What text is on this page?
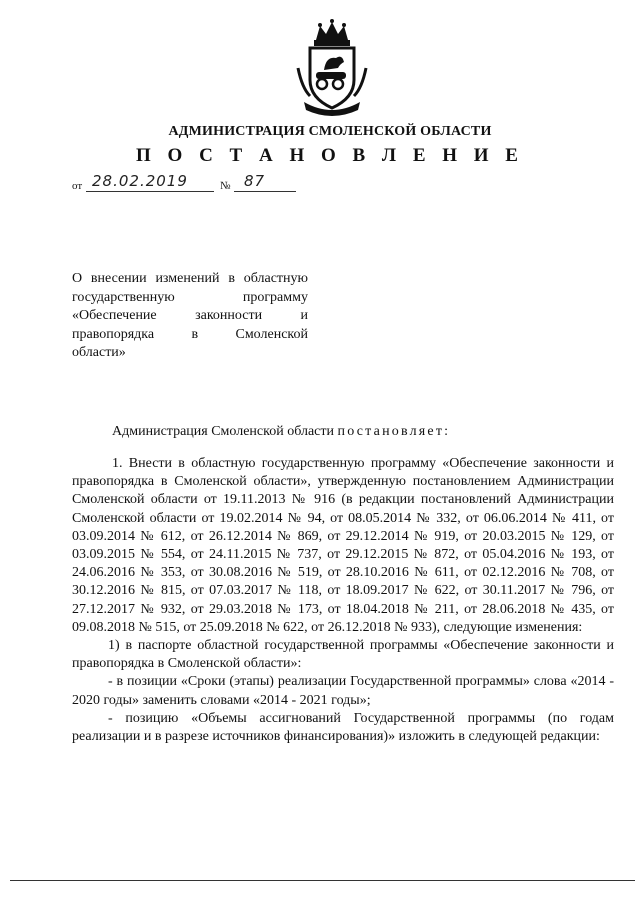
АДМИНИСТРАЦИЯ СМОЛЕНСКОЙ ОБЛАСТИ
П О С Т А Н О В Л Е Н И Е
от 28.02.2019	№ 87
О внесении изменений в областную
государственную программу
«Обеспечение законности и
правопорядка в Смоленской
области»
Администрация Смоленской области постановляет:

1. Внести в областную государственную программу «Обеспечение законности и правопорядка в Смоленской области», утвержденную постановлением Администрации Смоленской области от 19.11.2013 № 916 (в редакции постановлений Администрации Смоленской области от 19.02.2014 № 94, от 08.05.2014 № 332, от 06.06.2014 № 411, от 03.09.2014 № 612, от 26.12.2014 № 869, от 29.12.2014 № 919, от 20.03.2015 № 129, от 03.09.2015 № 554, от 24.11.2015 № 737, от 29.12.2015 № 872, от 05.04.2016 № 193, от 24.06.2016 № 353, от 30.08.2016 № 519, от 28.10.2016 № 611, от 02.12.2016 № 708, от 30.12.2016 № 815, от 07.03.2017 № 118, от 18.09.2017 № 622, от 30.11.2017 № 796, от 27.12.2017 № 932, от 29.03.2018 № 173, от 18.04.2018 № 211, от 28.06.2018 № 435, от 09.08.2018 № 515, от 25.09.2018 № 622, от 26.12.2018 № 933), следующие изменения:

1) в паспорте областной государственной программы «Обеспечение законности и правопорядка в Смоленской области»:

- в позиции «Сроки (этапы) реализации Государственной программы» слова «2014 - 2020 годы» заменить словами «2014 - 2021 годы»;

- позицию «Объемы ассигнований Государственной программы (по годам реализации и в разрезе источников финансирования)» изложить в следующей редакции:
